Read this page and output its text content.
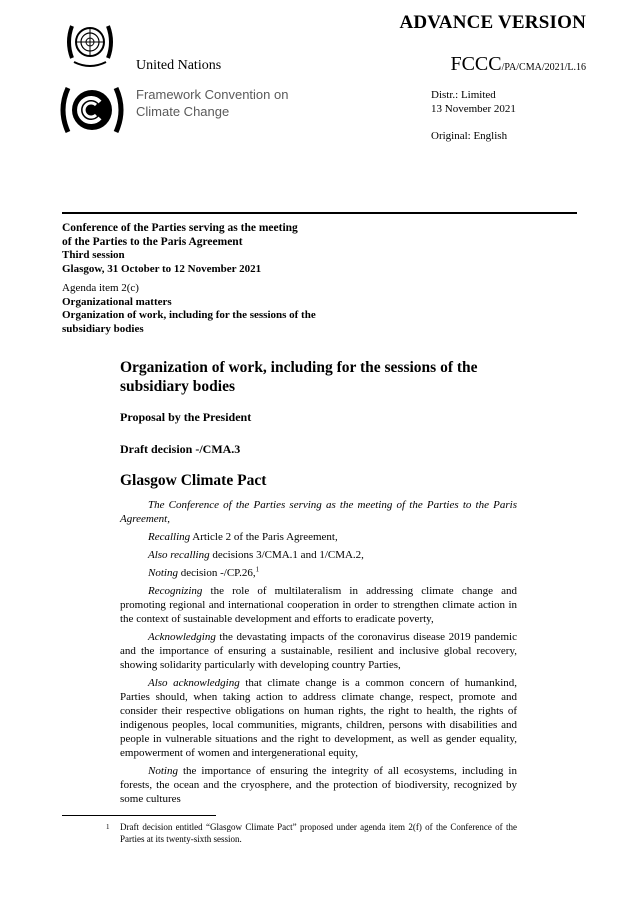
ADVANCE VERSION
United Nations	FCCC/PA/CMA/2021/L.16
Framework Convention on
Climate Change
Distr.: Limited
13 November 2021
Original: English
Conference of the Parties serving as the meeting
of the Parties to the Paris Agreement
Third session
Glasgow, 31 October to 12 November 2021
Agenda item 2(c)
Organizational matters
Organization of work, including for the sessions of the subsidiary bodies
Organization of work, including for the sessions of the subsidiary bodies
Proposal by the President
Draft decision -/CMA.3
Glasgow Climate Pact

The Conference of the Parties serving as the meeting of the Parties to the Paris Agreement,

Recalling Article 2 of the Paris Agreement,

Also recalling decisions 3/CMA.1 and 1/CMA.2,

Noting decision -/CP.26,$^1$

Recognizing the role of multilateralism in addressing climate change and promoting regional and international cooperation in order to strengthen climate action in the context of sustainable development and efforts to eradicate poverty,

Acknowledging the devastating impacts of the coronavirus disease 2019 pandemic and the importance of ensuring a sustainable, resilient and inclusive global recovery, showing solidarity particularly with developing country Parties,

Also acknowledging that climate change is a common concern of humankind, Parties should, when taking action to address climate change, respect, promote and consider their respective obligations on human rights, the right to health, the rights of indigenous peoples, local communities, migrants, children, persons with disabilities and people in vulnerable situations and the right to development, as well as gender equality, empowerment of women and intergenerational equity,

Noting the importance of ensuring the integrity of all ecosystems, including in forests, the ocean and the cryosphere, and the protection of biodiversity, recognized by some cultures

1 Draft decision entitled “Glasgow Climate Pact” proposed under agenda item 2(f) of the Conference of the Parties at its twenty-sixth session.
